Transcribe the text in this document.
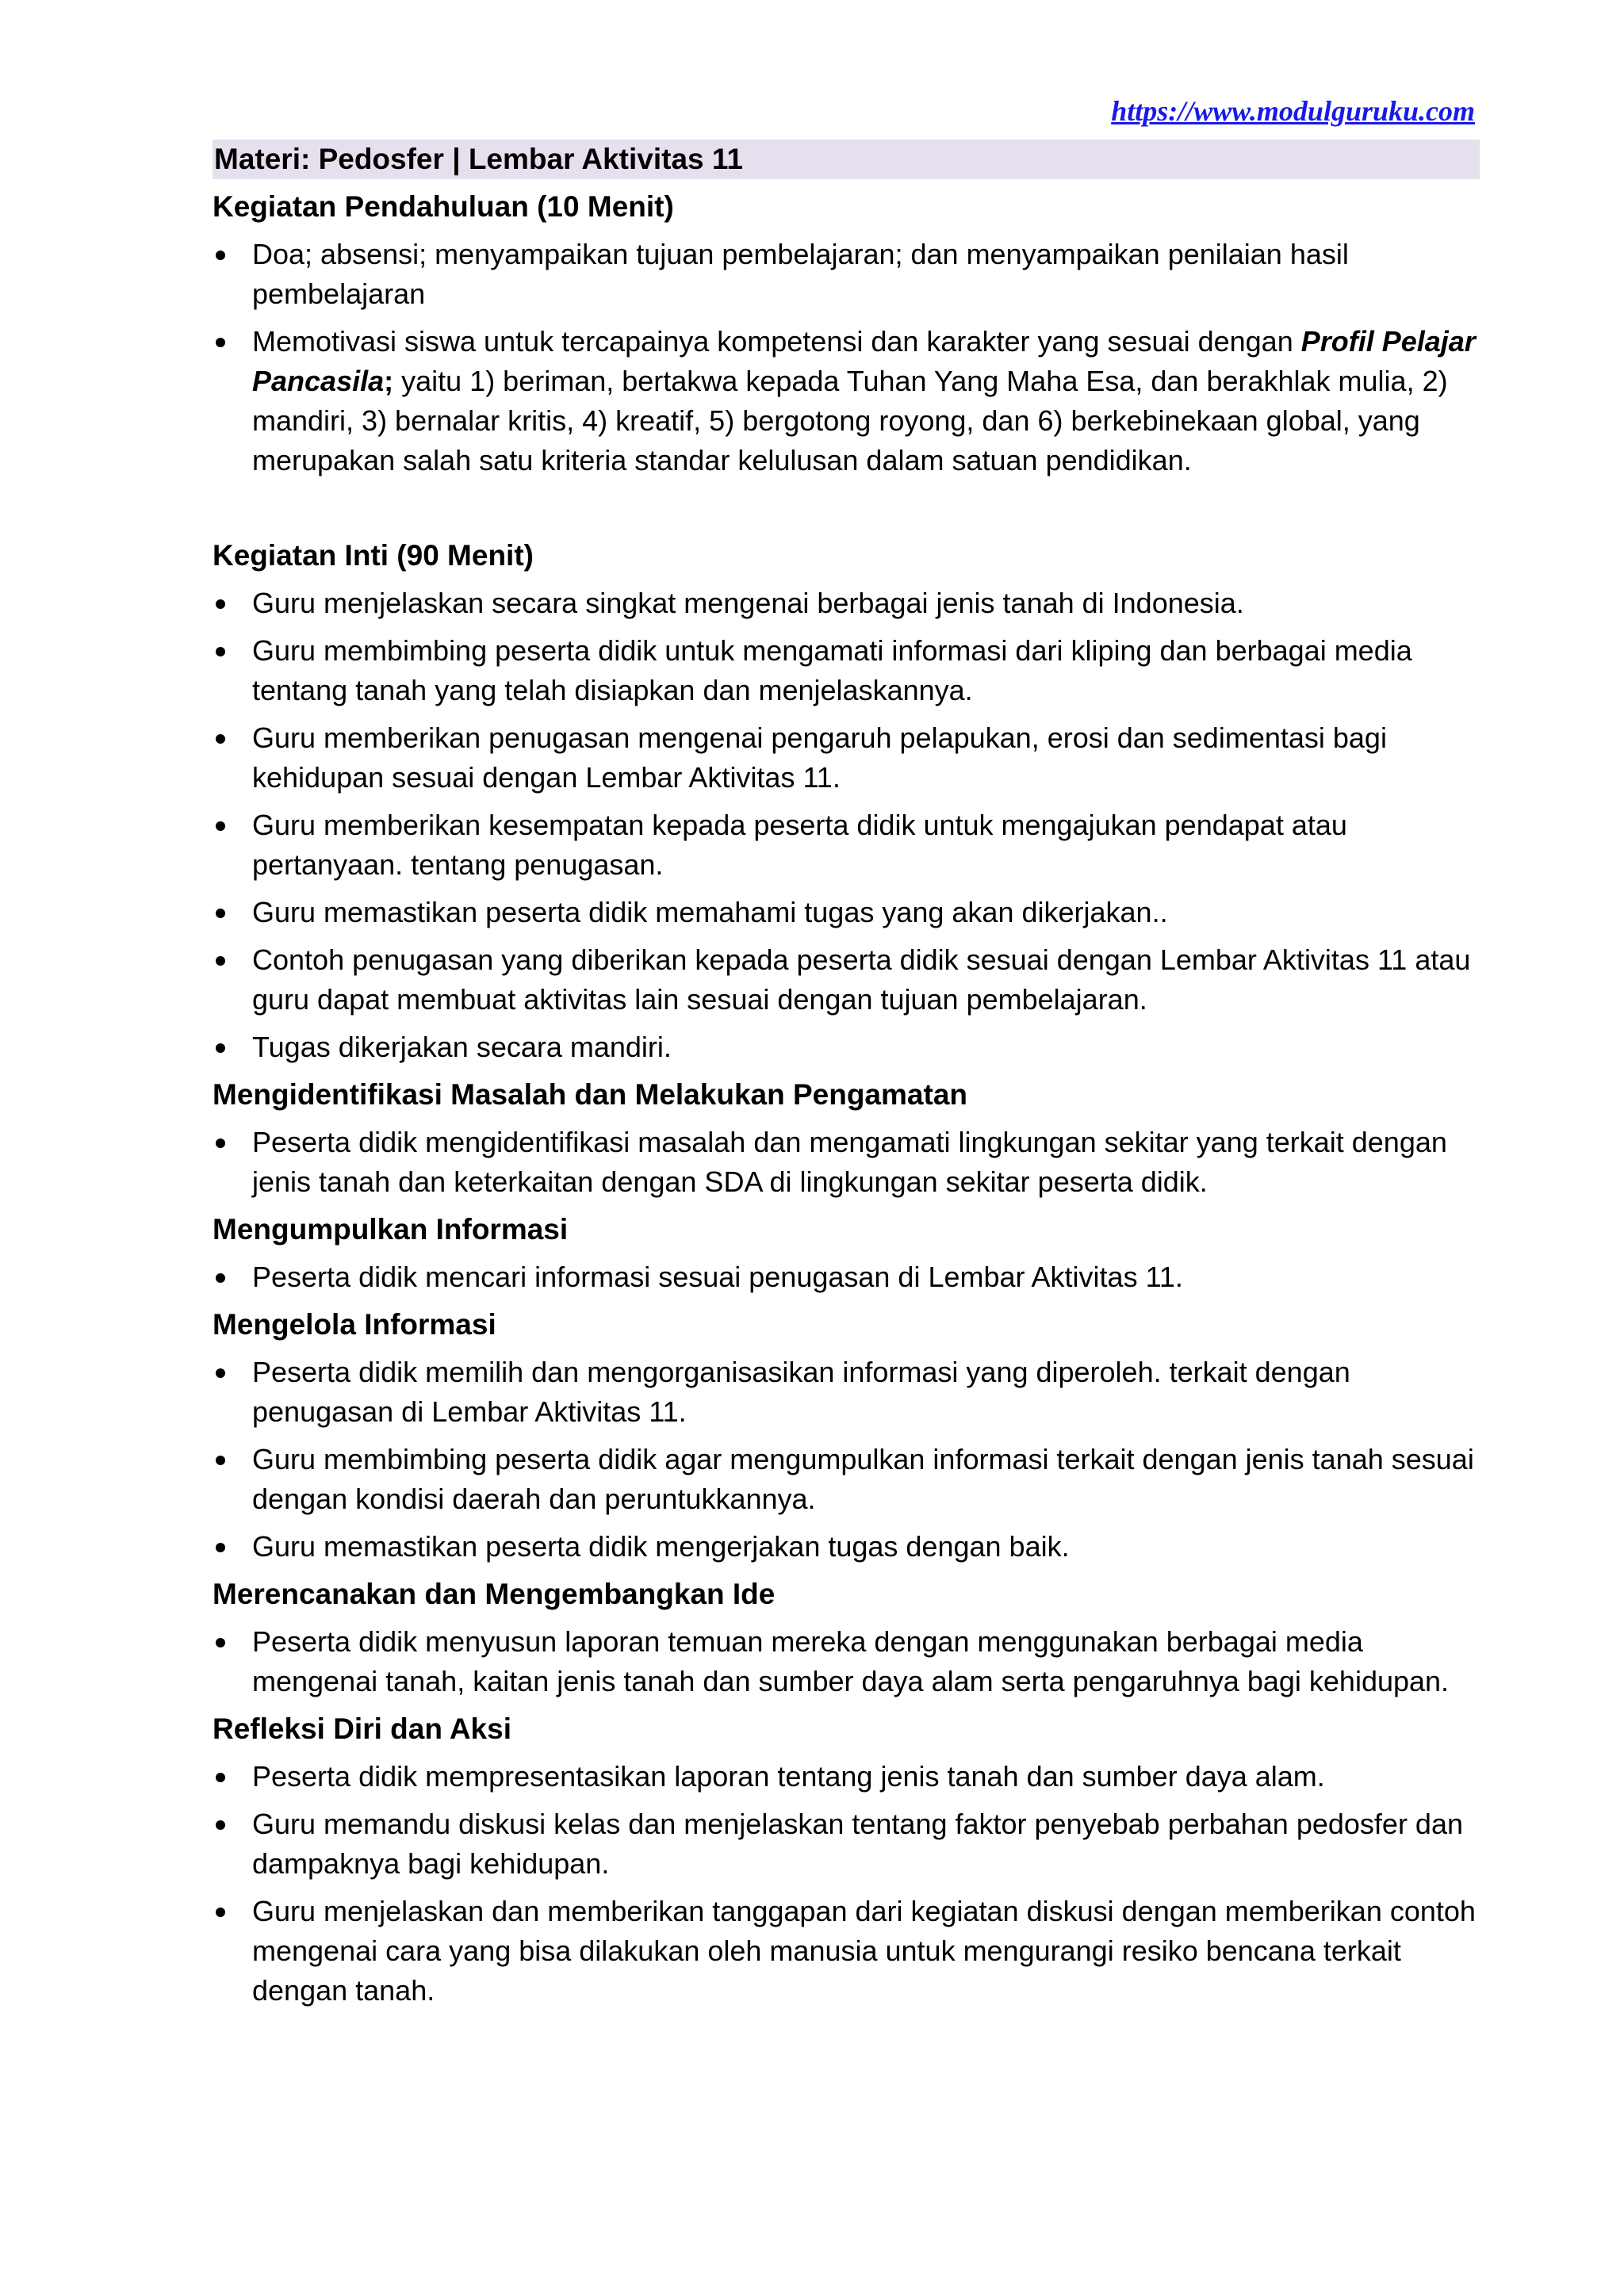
https://www.modulguruku.com
Materi: Pedosfer | Lembar Aktivitas 11
Kegiatan Pendahuluan (10 Menit)
Doa; absensi; menyampaikan tujuan pembelajaran; dan menyampaikan penilaian hasil pembelajaran
Memotivasi siswa untuk tercapainya kompetensi dan karakter yang sesuai dengan Profil Pelajar Pancasila; yaitu 1) beriman, bertakwa kepada Tuhan Yang Maha Esa, dan berakhlak mulia, 2) mandiri, 3) bernalar kritis, 4) kreatif, 5) bergotong royong, dan 6) berkebinekaan global, yang merupakan salah satu kriteria standar kelulusan dalam satuan pendidikan.
Kegiatan Inti (90 Menit)
Guru menjelaskan secara singkat mengenai berbagai jenis tanah di Indonesia.
Guru membimbing peserta didik untuk mengamati informasi dari kliping dan berbagai media tentang tanah yang telah disiapkan dan menjelaskannya.
Guru memberikan penugasan mengenai pengaruh pelapukan, erosi dan sedimentasi bagi kehidupan sesuai dengan Lembar Aktivitas 11.
Guru memberikan kesempatan kepada peserta didik untuk mengajukan pendapat atau pertanyaan. tentang penugasan.
Guru memastikan peserta didik memahami tugas yang akan dikerjakan..
Contoh penugasan yang diberikan kepada peserta didik sesuai dengan Lembar Aktivitas 11 atau guru dapat membuat aktivitas lain sesuai dengan tujuan pembelajaran.
Tugas dikerjakan secara mandiri.
Mengidentifikasi Masalah dan Melakukan Pengamatan
Peserta didik mengidentifikasi masalah dan mengamati lingkungan sekitar yang terkait dengan jenis tanah dan keterkaitan dengan SDA di lingkungan sekitar peserta didik.
Mengumpulkan Informasi
Peserta didik mencari informasi sesuai penugasan di Lembar Aktivitas 11.
Mengelola Informasi
Peserta didik memilih dan mengorganisasikan informasi yang diperoleh. terkait dengan penugasan di Lembar Aktivitas 11.
Guru membimbing peserta didik agar mengumpulkan informasi terkait dengan jenis tanah sesuai dengan kondisi daerah dan peruntukkannya.
Guru memastikan peserta didik mengerjakan tugas dengan baik.
Merencanakan dan Mengembangkan Ide
Peserta didik menyusun laporan temuan mereka dengan menggunakan berbagai media mengenai tanah, kaitan jenis tanah dan sumber daya alam serta pengaruhnya bagi kehidupan.
Refleksi Diri dan Aksi
Peserta didik mempresentasikan laporan tentang jenis tanah dan sumber daya alam.
Guru memandu diskusi kelas dan menjelaskan tentang faktor penyebab perbahan pedosfer dan dampaknya bagi kehidupan.
Guru menjelaskan dan memberikan tanggapan dari kegiatan diskusi dengan memberikan contoh mengenai cara yang bisa dilakukan oleh manusia untuk mengurangi resiko bencana terkait dengan tanah.
